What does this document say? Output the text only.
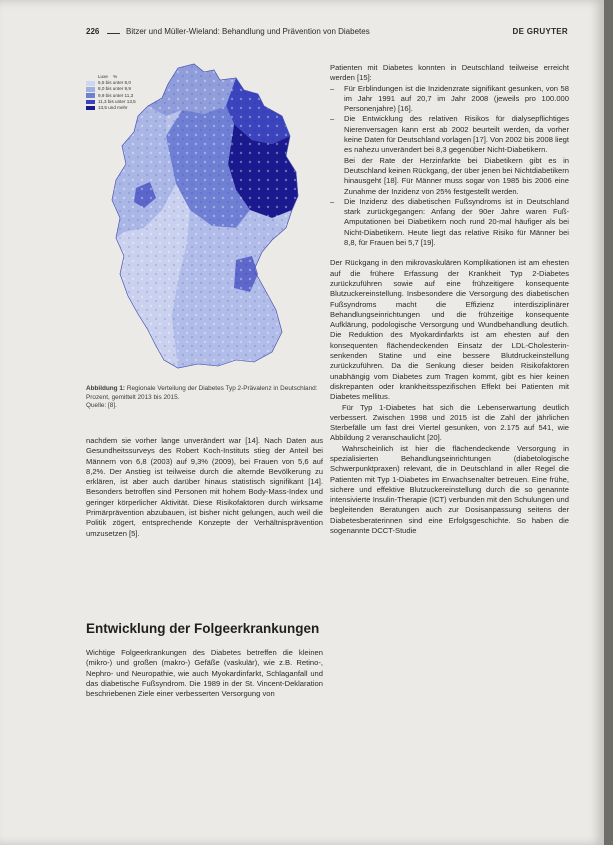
226	Bitzer und Müller-Wieland: Behandlung und Prävention von Diabetes	DE GRUYTER
Luxe
%
5,5 bis unter 8,0
8,0 bis unter 9,9
9,9 bis unter 11,3
11,3 bis unter 13,5
13,5 und mehr
Abbildung 1: Regionale Verteilung der Diabetes Typ 2-Prävalenz in Deutschland: Prozent, gemittelt 2013 bis 2015.
Quelle: [8].

nachdem sie vorher lange unverändert war [14]. Nach Daten aus Gesundheitssurveys des Robert Koch-Instituts stieg der Anteil bei Männern von 6,8 (2003) auf 9,3% (2009), bei Frauen von 5,6 auf 8,2%. Der Anstieg ist teilweise durch die alternde Bevölkerung zu erklären, ist aber auch darüber hinaus statistisch signifikant [14]. Besonders betroffen sind Personen mit hohem Body-Mass-Index und geringer körperlicher Aktivität. Diese Risikofaktoren durch wirksame Primärprävention abzubauen, ist bisher nicht gelungen, auch weil die Politik zögert, entsprechende Konzepte der Verhältnisprävention umzusetzen [5].

Entwicklung der Folgeerkrankungen

Wichtige Folgeerkrankungen des Diabetes betreffen die kleinen (mikro-) und großen (makro-) Gefäße (vaskulär), wie z.B. Retino-, Nephro- und Neuropathie, wie auch Myokardinfarkt, Schlaganfall und das diabetische Fußsyndrom. Die 1989 in der St. Vincent-Deklaration beschriebenen Ziele einer verbesserten Versorgung von

Patienten mit Diabetes konnten in Deutschland teilweise erreicht werden [15]:

– Für Erblindungen ist die Inzidenzrate signifikant gesunken, von 58 im Jahr 1991 auf 20,7 im Jahr 2008 (jeweils pro 100.000 Personenjahre) [16].
– Die Entwicklung des relativen Risikos für dialysepflichtiges Nierenversagen kann erst ab 2002 beurteilt werden, da vorher keine Daten für Deutschland vorlagen [17]. Von 2002 bis 2008 liegt es nahezu unverändert bei 8,3 gegenüber Nicht-Diabetikern.
Bei der Rate der Herzinfarkte bei Diabetikern gibt es in Deutschland keinen Rückgang, der über jenen bei Nichtdiabetikern hinausgeht [18]. Für Männer muss sogar von 1985 bis 2006 eine Zunahme der Inzidenz von 25% festgestellt werden.
– Die Inzidenz des diabetischen Fußsyndroms ist in Deutschland stark zurückgegangen: Anfang der 90er Jahre waren Fuß-Amputationen bei Diabetikern noch rund 20-mal häufiger als bei Nicht-Diabetikern. Heute liegt das relative Risiko für Männer bei 8,8, für Frauen bei 5,7 [19].

Der Rückgang in den mikrovaskulären Komplikationen ist am ehesten auf die frühere Erfassung der Krankheit Typ 2-Diabetes zurückzuführen sowie auf eine frühzeitigere konsequente Blutzuckereinstellung. Insbesondere die Versorgung des diabetischen Fußsyndroms macht die Effizienz interdisziplinärer Behandlungseinrichtungen und die frühzeitige konsequente Aufklärung, podologische Versorgung und Wundbehandlung deutlich. Die Reduktion des Myokardinfarkts ist am ehesten auf den konsequenten flächendeckenden Einsatz der LDL-Cholesterin-senkenden Statine und eine bessere Blutdruckeinstellung zurückzuführen. Da die Senkung dieser beiden Risikofaktoren unabhängig vom Diabetes zum Tragen kommt, gibt es hier keinen diskrepanten oder krankheitsspezifischen Effekt bei Patienten mit Diabetes mellitus.

Für Typ 1-Diabetes hat sich die Lebenserwartung deutlich verbessert. Zwischen 1998 und 2015 ist die Zahl der jährlichen Sterbefälle um fast drei Viertel gesunken, von 2.175 auf 541, wie Abbildung 2 veranschaulicht [20].

Wahrscheinlich ist hier die flächendeckende Versorgung in spezialisierten Behandlungseinrichtungen (diabetologische Schwerpunktpraxen) relevant, die in Deutschland in aller Regel die Patienten mit Typ 1-Diabetes im Erwachsenalter betreuen. Eine frühe, sichere und effektive Blutzuckereinstellung durch die so genannte intensivierte Insulin-Therapie (ICT) verbunden mit den Schulungen und begleitenden Beratungen auch zur Dosisanpassung seitens der Diabetesberaterinnen sind eine Erfolgsgeschichte. So haben die sogenannte DCCT-Studie
